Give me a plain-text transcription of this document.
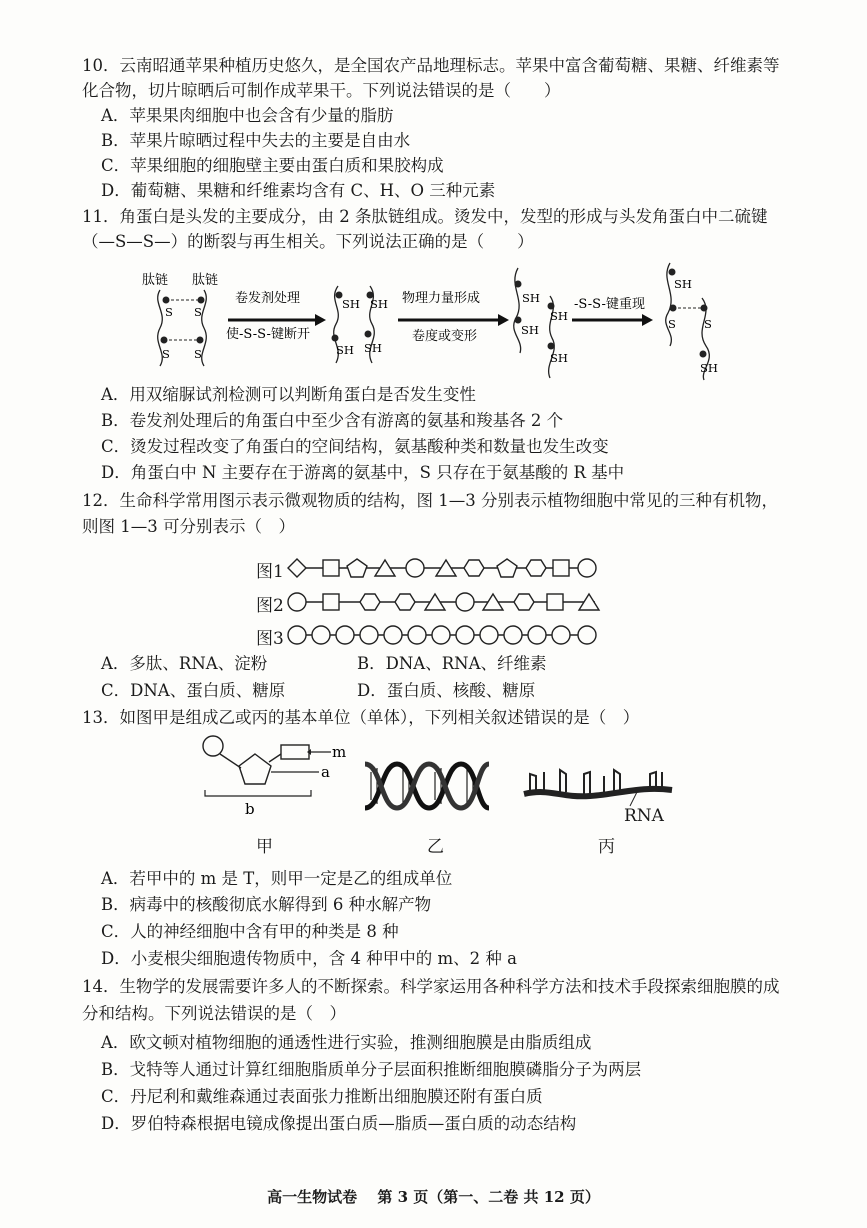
10．云南昭通苹果种植历史悠久，是全国农产品地理标志。苹果中富含葡萄糖、果糖、纤维素等
化合物，切片晾晒后可制作成苹果干。下列说法错误的是（　　）
A．苹果果肉细胞中也会含有少量的脂肪
B．苹果片晾晒过程中失去的主要是自由水
C．苹果细胞的细胞壁主要由蛋白质和果胶构成
D．葡萄糖、果糖和纤维素均含有 C、H、O 三种元素
11．角蛋白是头发的主要成分，由 2 条肽链组成。烫发中，发型的形成与头发角蛋白中二硫键
（—S—S—）的断裂与再生相关。下列说法正确的是（　　）
肽链 肽链
S S
S S
卷发剂处理
使-S-S-键断开
SH SH
SH SH
物理力量形成
卷度或变形
SH
SH
SH
SH
-S-S-键重现
SH
S S
SH
A．用双缩脲试剂检测可以判断角蛋白是否发生变性
B．卷发剂处理后的角蛋白中至少含有游离的氨基和羧基各 2 个
C．烫发过程改变了角蛋白的空间结构，氨基酸种类和数量也发生改变
D．角蛋白中 N 主要存在于游离的氨基中，S 只存在于氨基酸的 R 基中
12．生命科学常用图示表示微观物质的结构，图 1—3 分别表示植物细胞中常见的三种有机物，
则图 1—3 可分别表示（　）
图1
图2
图3
A．多肽、RNA、淀粉	B．DNA、RNA、纤维素
C．DNA、蛋白质、糖原	D．蛋白质、核酸、糖原
13．如图甲是组成乙或丙的基本单位（单体），下列相关叙述错误的是（　）
m
a
b	RNA
甲	乙	丙
A．若甲中的 m 是 T，则甲一定是乙的组成单位
B．病毒中的核酸彻底水解得到 6 种水解产物
C．人的神经细胞中含有甲的种类是 8 种
D．小麦根尖细胞遗传物质中，含 4 种甲中的 m、2 种 a
14．生物学的发展需要许多人的不断探索。科学家运用各种科学方法和技术手段探索细胞膜的成
分和结构。下列说法错误的是（　）
A．欧文顿对植物细胞的通透性进行实验，推测细胞膜是由脂质组成
B．戈特等人通过计算红细胞脂质单分子层面积推断细胞膜磷脂分子为两层
C．丹尼利和戴维森通过表面张力推断出细胞膜还附有蛋白质
D．罗伯特森根据电镜成像提出蛋白质—脂质—蛋白质的动态结构
高一生物试卷　 第 3 页（第一、二卷 共 12 页）
